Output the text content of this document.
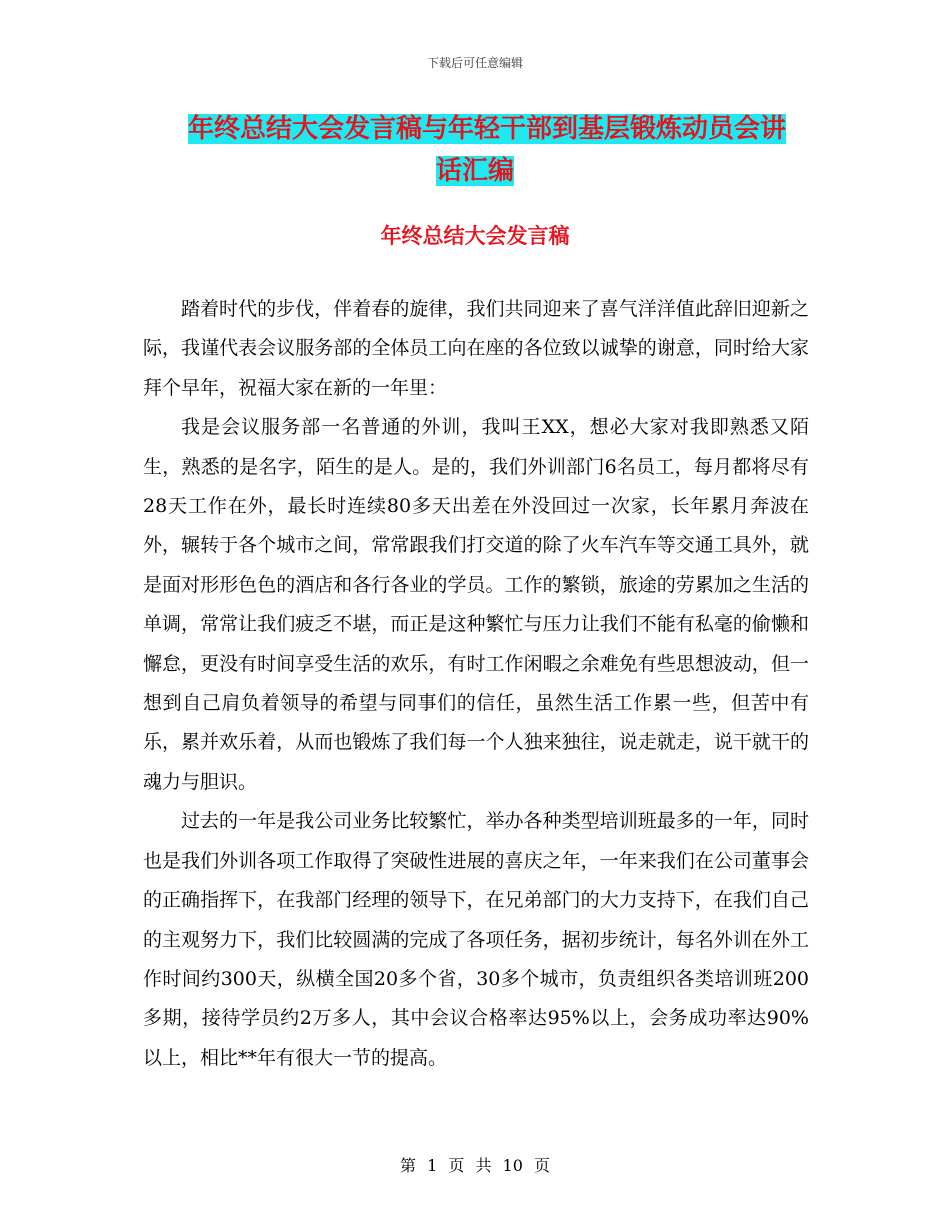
下载后可任意编辑
年终总结大会发言稿与年轻干部到基层锻炼动员会讲
话汇编
年终总结大会发言稿

踏着时代的步伐，伴着春的旋律，我们共同迎来了喜气洋洋值此辞旧迎新之际，我谨代表会议服务部的全体员工向在座的各位致以诚挚的谢意，同时给大家拜个早年，祝福大家在新的一年里：

我是会议服务部一名普通的外训，我叫王XX，想必大家对我即熟悉又陌生，熟悉的是名字，陌生的是人。是的，我们外训部门6名员工，每月都将尽有28天工作在外，最长时连续80多天出差在外没回过一次家，长年累月奔波在外，辗转于各个城市之间，常常跟我们打交道的除了火车汽车等交通工具外，就是面对形形色色的酒店和各行各业的学员。工作的繁锁，旅途的劳累加之生活的单调，常常让我们疲乏不堪，而正是这种繁忙与压力让我们不能有私毫的偷懒和懈怠，更没有时间享受生活的欢乐，有时工作闲暇之余难免有些思想波动，但一想到自己肩负着领导的希望与同事们的信任，虽然生活工作累一些，但苦中有乐，累并欢乐着，从而也锻炼了我们每一个人独来独往，说走就走，说干就干的魂力与胆识。

过去的一年是我公司业务比较繁忙，举办各种类型培训班最多的一年，同时也是我们外训各项工作取得了突破性进展的喜庆之年，一年来我们在公司董事会的正确指挥下，在我部门经理的领导下，在兄弟部门的大力支持下，在我们自己的主观努力下，我们比较圆满的完成了各项任务，据初步统计，每名外训在外工作时间约300天，纵横全国20多个省，30多个城市，负责组织各类培训班200多期，接待学员约2万多人，其中会议合格率达95%以上，会务成功率达90%以上，相比**年有很大一节的提高。

第 1 页 共 10 页
